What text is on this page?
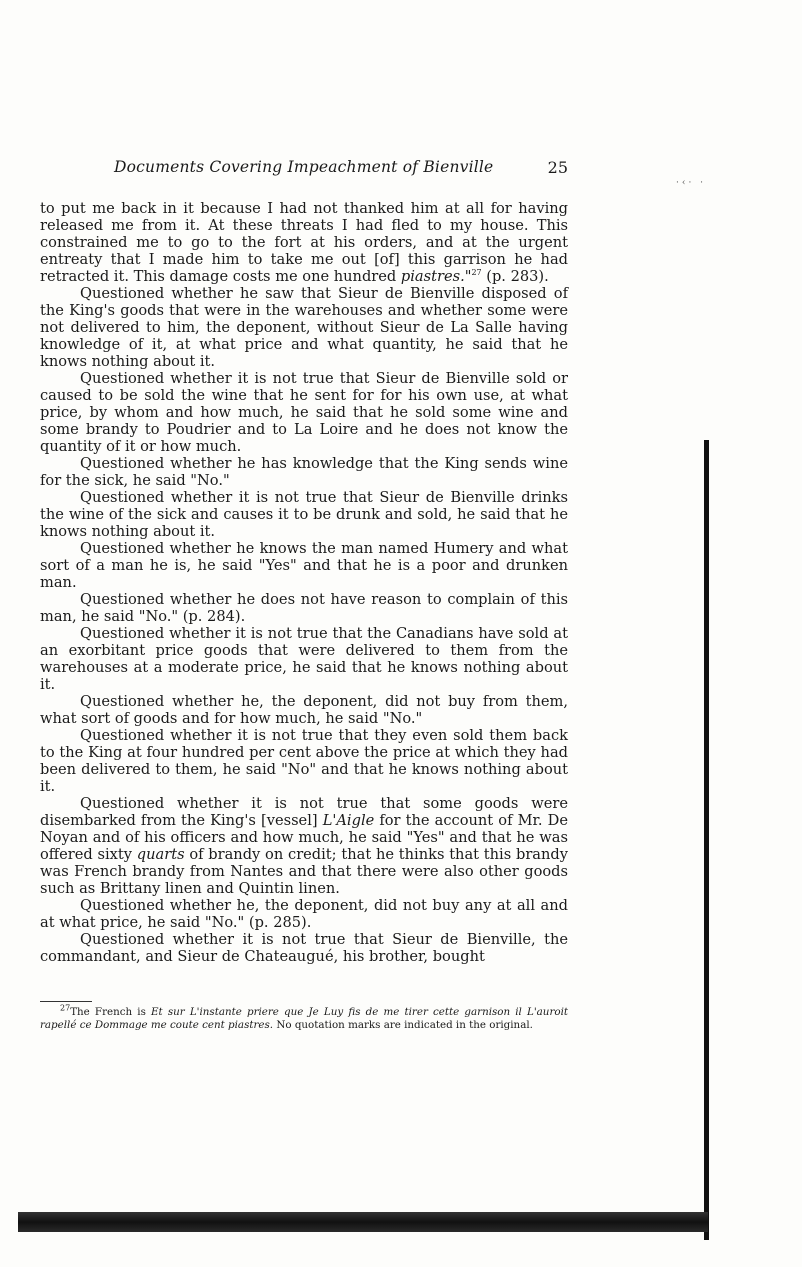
Documents Covering Impeachment of Bienville	25
·‹· ·

to put me back in it because I had not thanked him at all for having released me from it. At these threats I had fled to my house. This constrained me to go to the fort at his orders, and at the urgent entreaty that I made him to take me out [of] this garrison he had retracted it. This damage costs me one hundred piastres."$^{27}$ (p. 283).

Questioned whether he saw that Sieur de Bienville disposed of the King's goods that were in the warehouses and whether some were not delivered to him, the deponent, without Sieur de La Salle having knowledge of it, at what price and what quantity, he said that he knows nothing about it.

Questioned whether it is not true that Sieur de Bienville sold or caused to be sold the wine that he sent for for his own use, at what price, by whom and how much, he said that he sold some wine and some brandy to Poudrier and to La Loire and he does not know the quantity of it or how much.

Questioned whether he has knowledge that the King sends wine for the sick, he said "No."

Questioned whether it is not true that Sieur de Bienville drinks the wine of the sick and causes it to be drunk and sold, he said that he knows nothing about it.

Questioned whether he knows the man named Humery and what sort of a man he is, he said "Yes" and that he is a poor and drunken man.

Questioned whether he does not have reason to complain of this man, he said "No." (p. 284).

Questioned whether it is not true that the Canadians have sold at an exorbitant price goods that were delivered to them from the warehouses at a moderate price, he said that he knows nothing about it.

Questioned whether he, the deponent, did not buy from them, what sort of goods and for how much, he said "No."

Questioned whether it is not true that they even sold them back to the King at four hundred per cent above the price at which they had been delivered to them, he said "No" and that he knows nothing about it.

Questioned whether it is not true that some goods were disembarked from the King's [vessel] L'Aigle for the account of Mr. De Noyan and of his officers and how much, he said "Yes" and that he was offered sixty quarts of brandy on credit; that he thinks that this brandy was French brandy from Nantes and that there were also other goods such as Brittany linen and Quintin linen.

Questioned whether he, the deponent, did not buy any at all and at what price, he said "No." (p. 285).

Questioned whether it is not true that Sieur de Bienville, the commandant, and Sieur de Chateaugué, his brother, bought

$^{27}$The French is Et sur L'instante priere que Je Luy fis de me tirer cette garnison il L'auroit rapellé ce Dommage me coute cent piastres. No quotation marks are indicated in the original.
